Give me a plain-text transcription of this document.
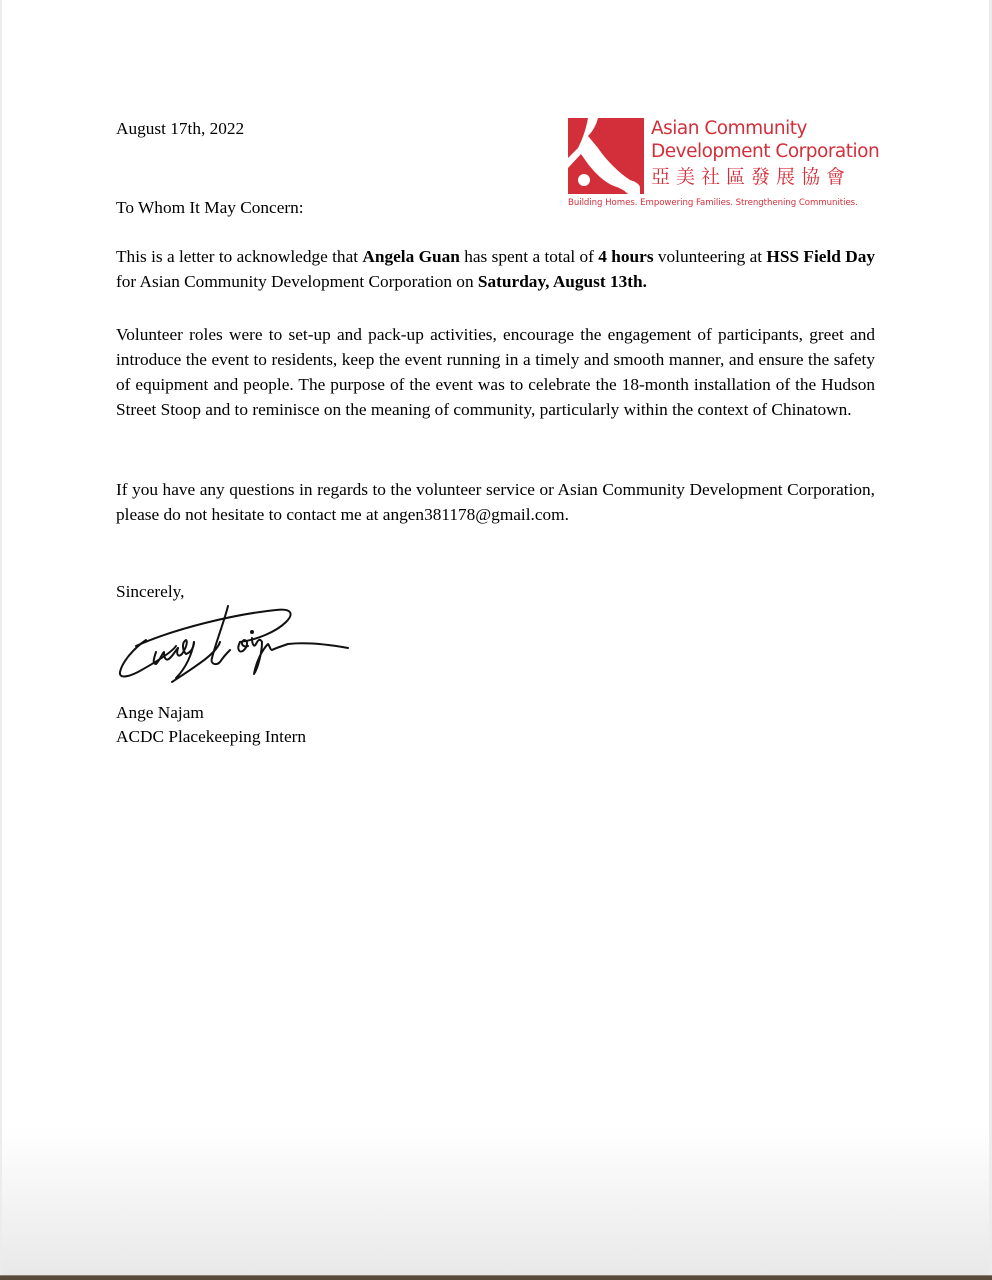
Asian Community
Development Corporation
亞美社區發展協會
Building Homes. Empowering Families. Strengthening Communities.
August 17th, 2022
To Whom It May Concern:
This is a letter to acknowledge that Angela Guan has spent a total of 4 hours volunteering at HSS Field Day for Asian Community Development Corporation on Saturday, August 13th.
Volunteer roles were to set-up and pack-up activities, encourage the engagement of participants, greet and introduce the event to residents, keep the event running in a timely and smooth manner, and ensure the safety of equipment and people. The purpose of the event was to celebrate the 18-month installation of the Hudson Street Stoop and to reminisce on the meaning of community, particularly within the context of Chinatown.
If you have any questions in regards to the volunteer service or Asian Community Development Corporation, please do not hesitate to contact me at angen381178@gmail.com.
Sincerely,
Ange Najam
ACDC Placekeeping Intern
